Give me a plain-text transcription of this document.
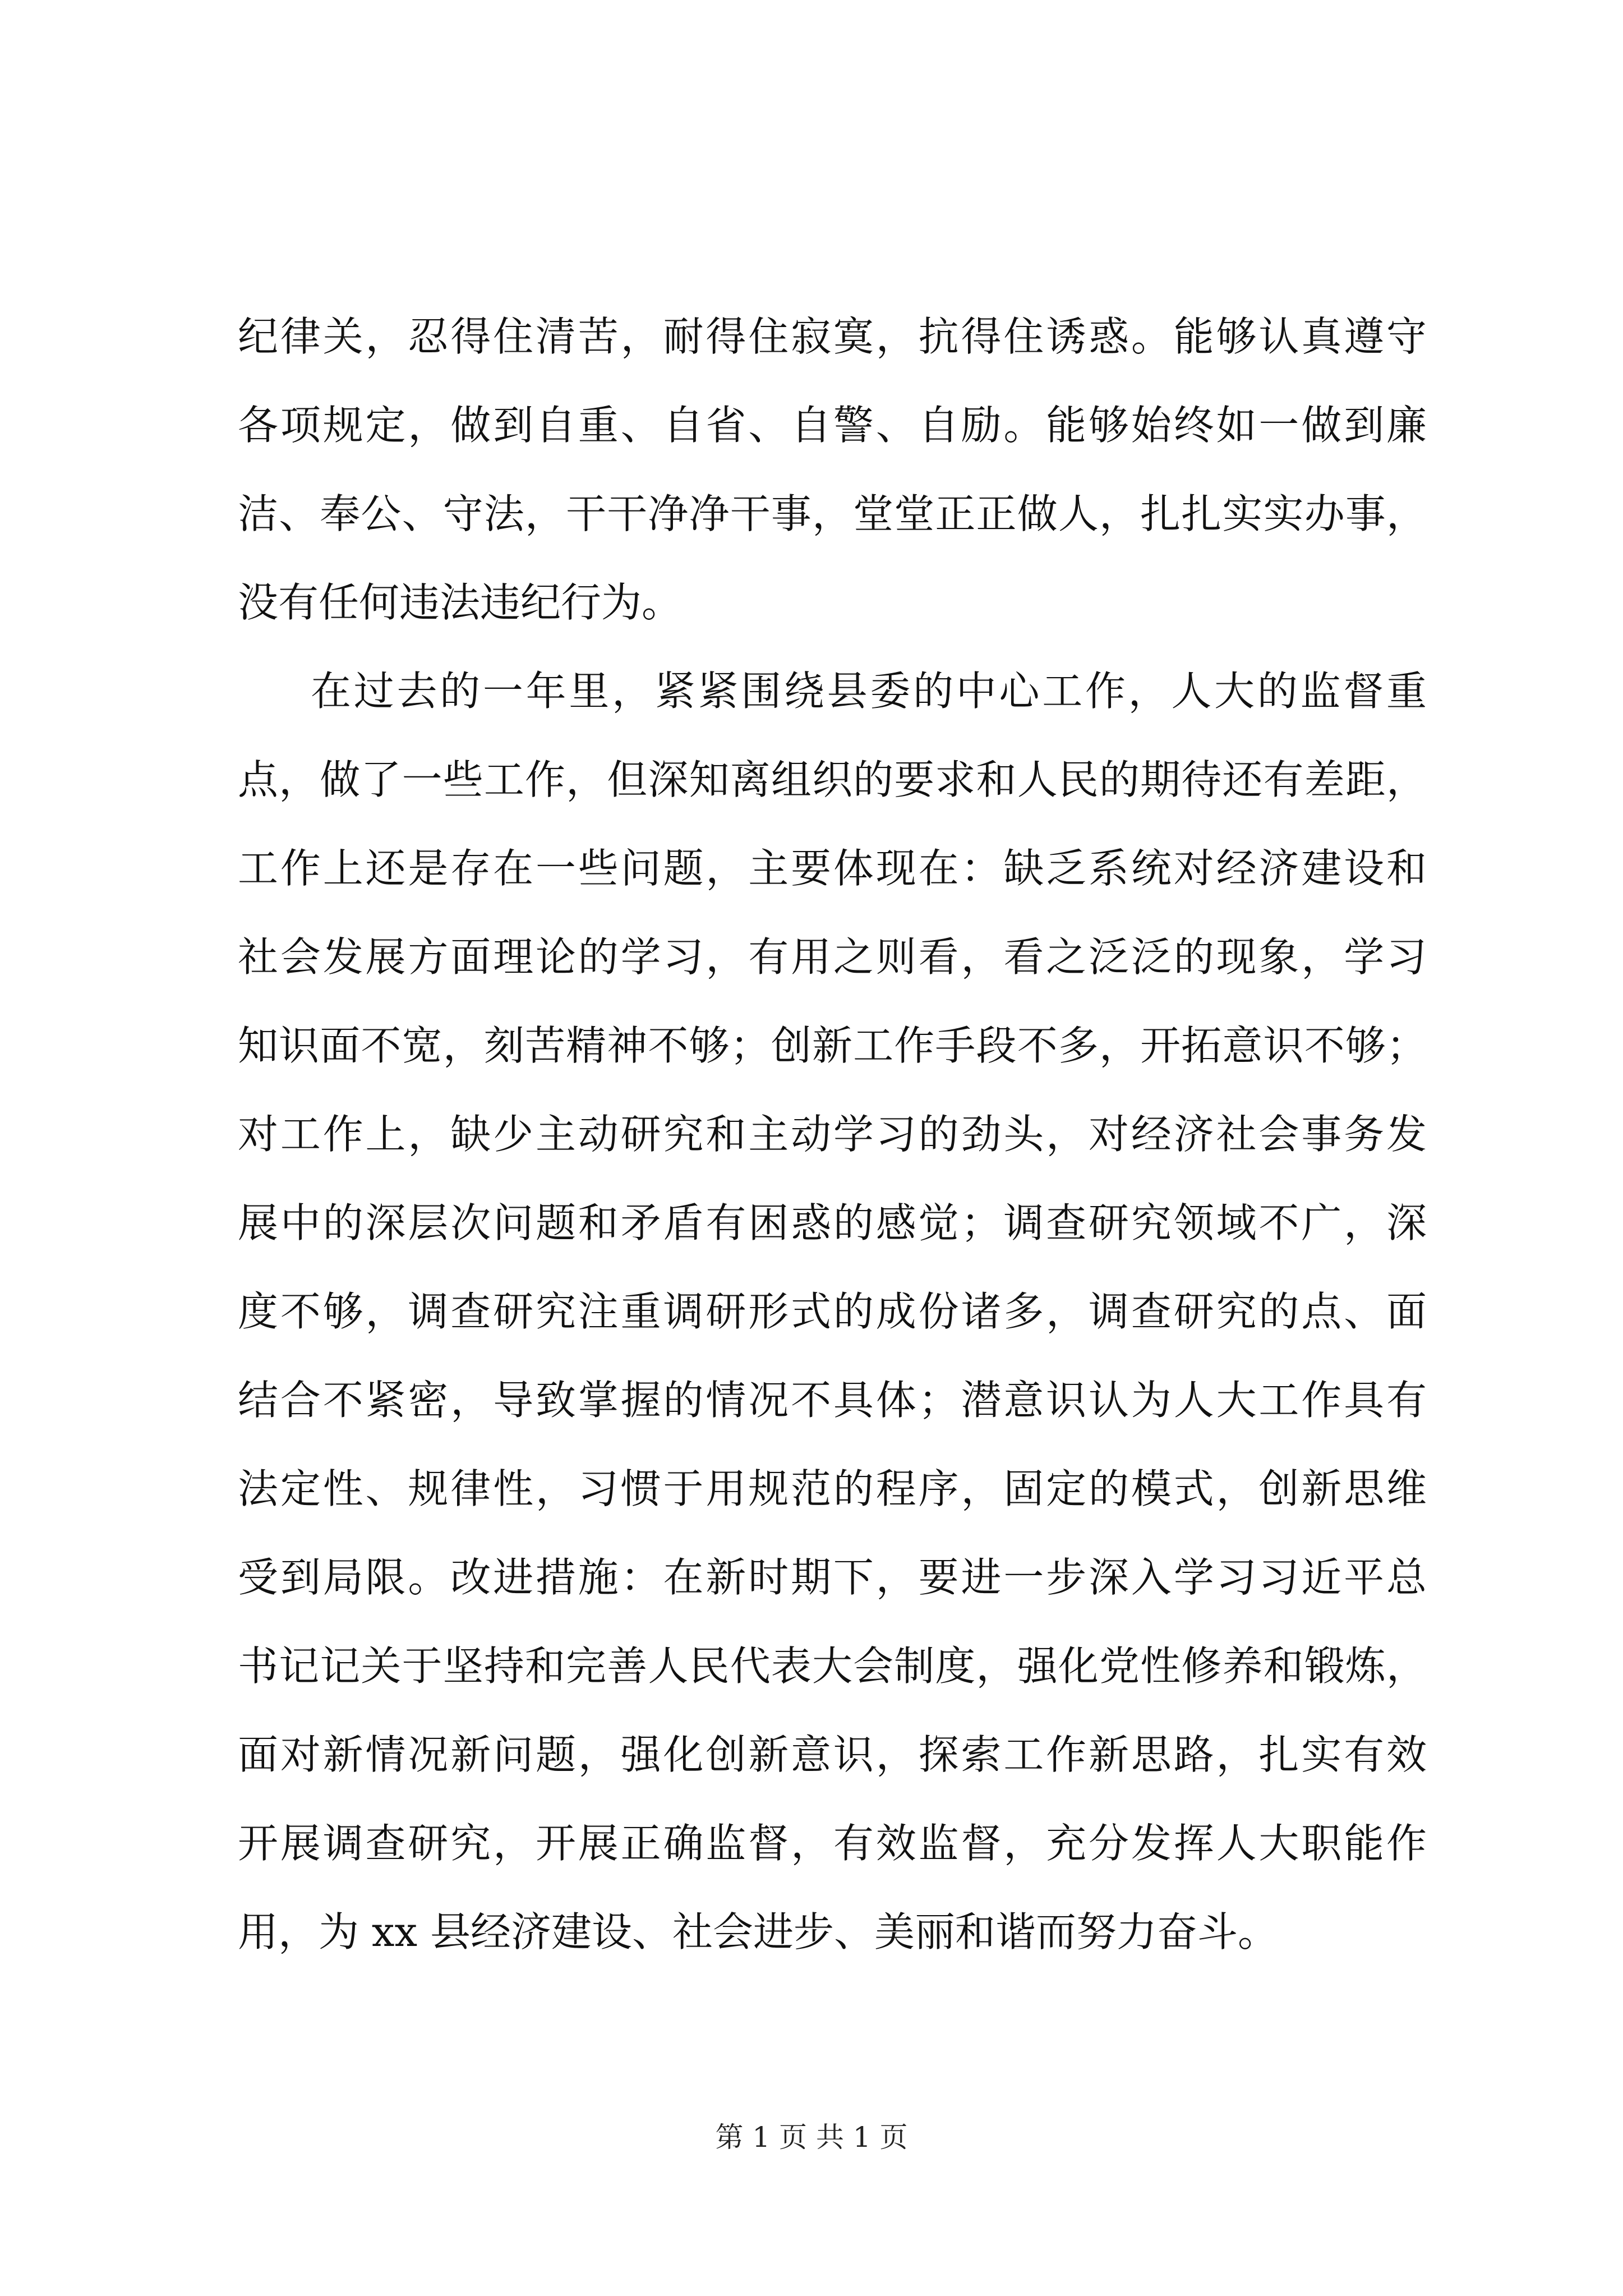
纪律关，忍得住清苦，耐得住寂寞，抗得住诱惑。能够认真遵守
各项规定，做到自重、自省、自警、自励。能够始终如一做到廉
洁、奉公、守法，干干净净干事，堂堂正正做人，扎扎实实办事，
没有任何违法违纪行为。
在过去的一年里，紧紧围绕县委的中心工作，人大的监督重
点，做了一些工作，但深知离组织的要求和人民的期待还有差距，
工作上还是存在一些问题，主要体现在：缺乏系统对经济建设和
社会发展方面理论的学习，有用之则看，看之泛泛的现象，学习
知识面不宽，刻苦精神不够；创新工作手段不多，开拓意识不够；
对工作上，缺少主动研究和主动学习的劲头，对经济社会事务发
展中的深层次问题和矛盾有困惑的感觉；调查研究领域不广，深
度不够，调查研究注重调研形式的成份诸多，调查研究的点、面
结合不紧密，导致掌握的情况不具体；潜意识认为人大工作具有
法定性、规律性，习惯于用规范的程序，固定的模式，创新思维
受到局限。改进措施：在新时期下，要进一步深入学习习近平总
书记记关于坚持和完善人民代表大会制度，强化党性修养和锻炼，
面对新情况新问题，强化创新意识，探索工作新思路，扎实有效
开展调查研究，开展正确监督，有效监督，充分发挥人大职能作
用，为 xx 县经济建设、社会进步、美丽和谐而努力奋斗。
第 1 页 共 1 页
